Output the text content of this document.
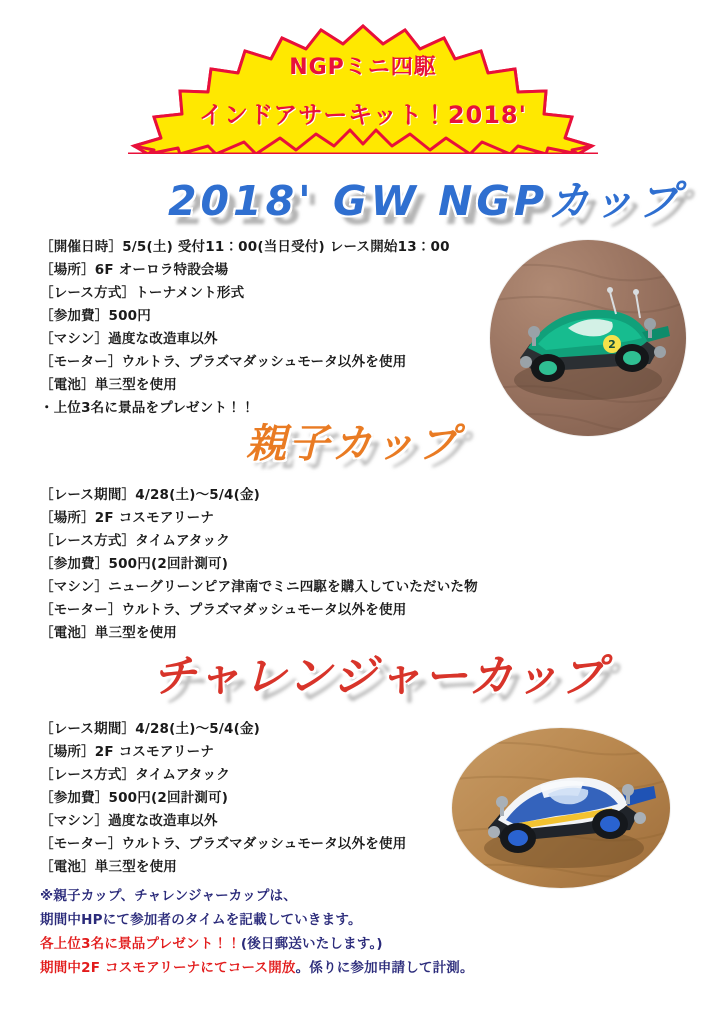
NGPミニ四駆
インドアサーキット！2018'
2018' GW NGPカップ
親子カップ
チャレンジャーカップ
［開催日時］5/5(土) 受付11：00(当日受付) レース開始13：00
［場所］6F オーロラ特設会場
［レース方式］トーナメント形式
［参加費］500円
［マシン］過度な改造車以外
［モーター］ウルトラ、プラズマダッシュモータ以外を使用
［電池］単三型を使用
・上位3名に景品をプレゼント！！
［レース期間］4/28(土)～5/4(金)
［場所］2F コスモアリーナ
［レース方式］タイムアタック
［参加費］500円(2回計測可)
［マシン］ニューグリーンピア津南でミニ四駆を購入していただいた物
［モーター］ウルトラ、プラズマダッシュモータ以外を使用
［電池］単三型を使用
［レース期間］4/28(土)～5/4(金)
［場所］2F コスモアリーナ
［レース方式］タイムアタック
［参加費］500円(2回計測可)
［マシン］過度な改造車以外
［モーター］ウルトラ、プラズマダッシュモータ以外を使用
［電池］単三型を使用
2
※親子カップ、チャレンジャーカップは、
期間中HPにて参加者のタイムを記載していきます。
各上位3名に景品プレゼント！！(後日郵送いたします。)
期間中2F コスモアリーナにてコース開放。係りに参加申請して計測。
